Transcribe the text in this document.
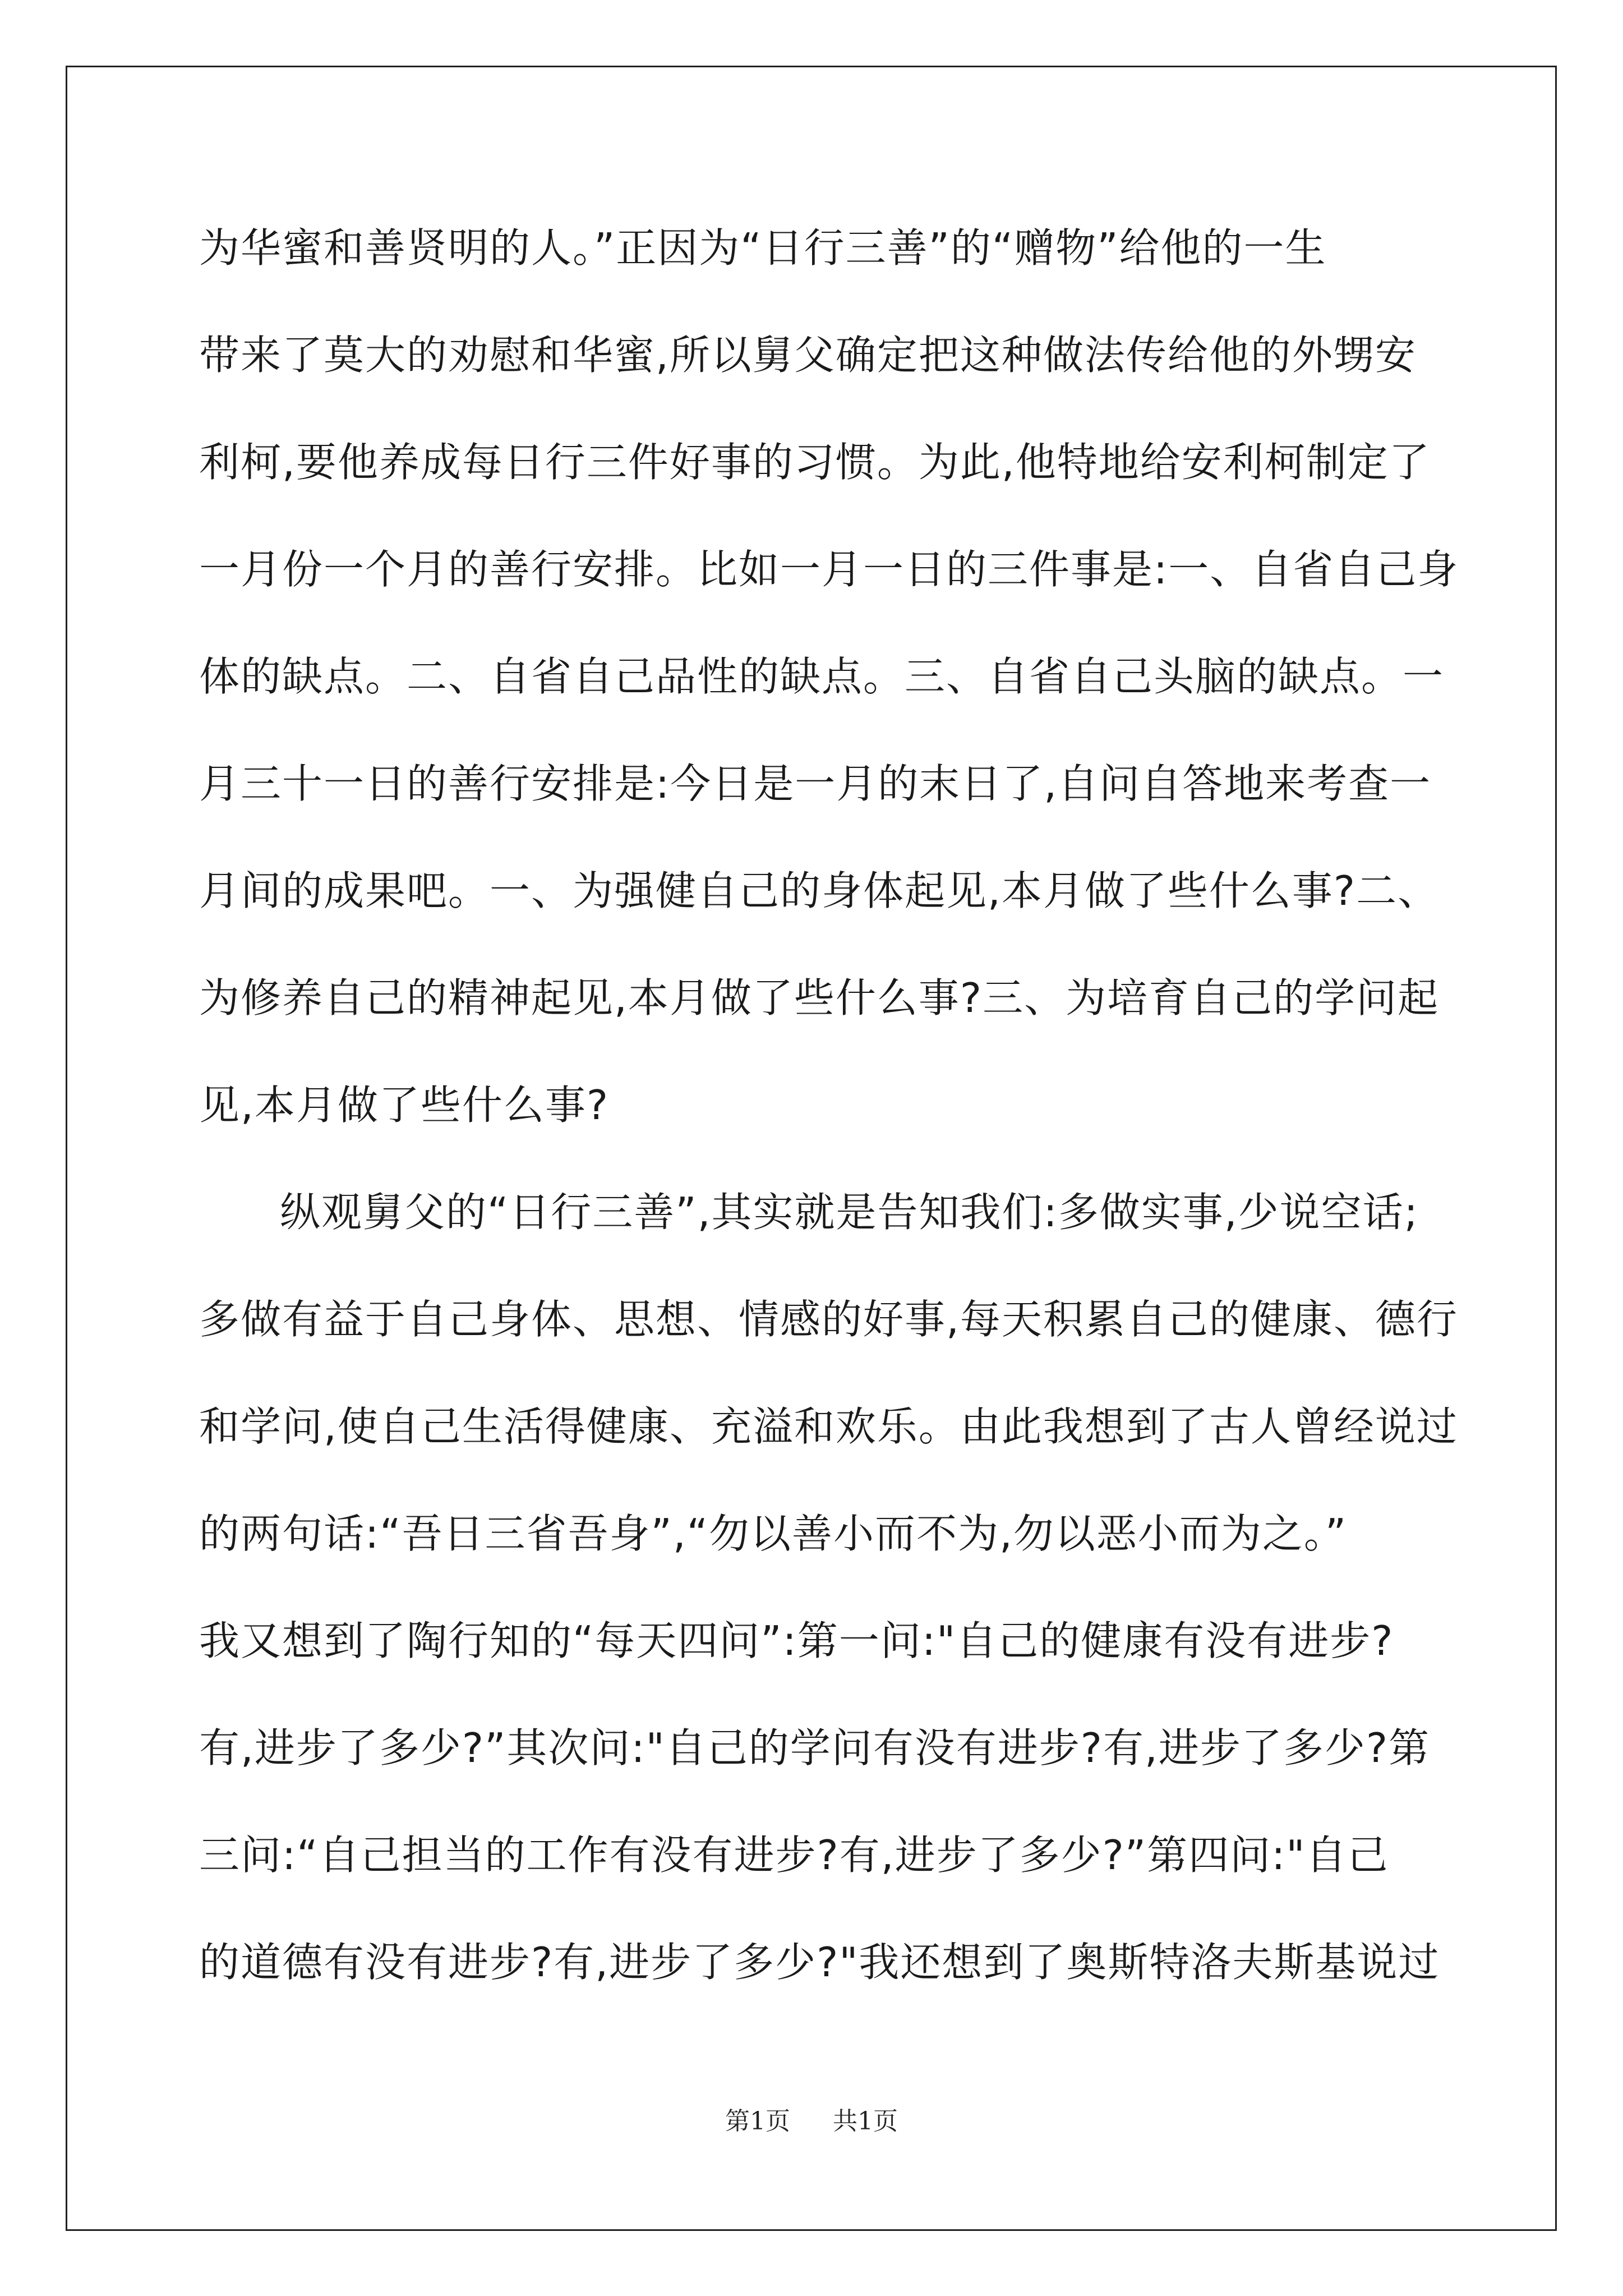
为华蜜和善贤明的人。”正因为“日行三善”的“赠物”给他的一生
带来了莫大的劝慰和华蜜,所以舅父确定把这种做法传给他的外甥安
利柯,要他养成每日行三件好事的习惯。为此,他特地给安利柯制定了
一月份一个月的善行安排。比如一月一日的三件事是:一、自省自己身
体的缺点。二、自省自己品性的缺点。三、自省自己头脑的缺点。一
月三十一日的善行安排是:今日是一月的末日了,自问自答地来考查一
月间的成果吧。一、为强健自己的身体起见,本月做了些什么事?二、
为修养自己的精神起见,本月做了些什么事?三、为培育自己的学问起
见,本月做了些什么事?
纵观舅父的“日行三善”,其实就是告知我们:多做实事,少说空话;
多做有益于自己身体、思想、情感的好事,每天积累自己的健康、德行
和学问,使自己生活得健康、充溢和欢乐。由此我想到了古人曾经说过
的两句话:“吾日三省吾身”,“勿以善小而不为,勿以恶小而为之。”
我又想到了陶行知的“每天四问”:第一问:"自己的健康有没有进步?
有,进步了多少?”其次问:"自己的学问有没有进步?有,进步了多少?第
三问:“自己担当的工作有没有进步?有,进步了多少?”第四问:"自己
的道德有没有进步?有,进步了多少?"我还想到了奥斯特洛夫斯基说过
第1页 共1页
